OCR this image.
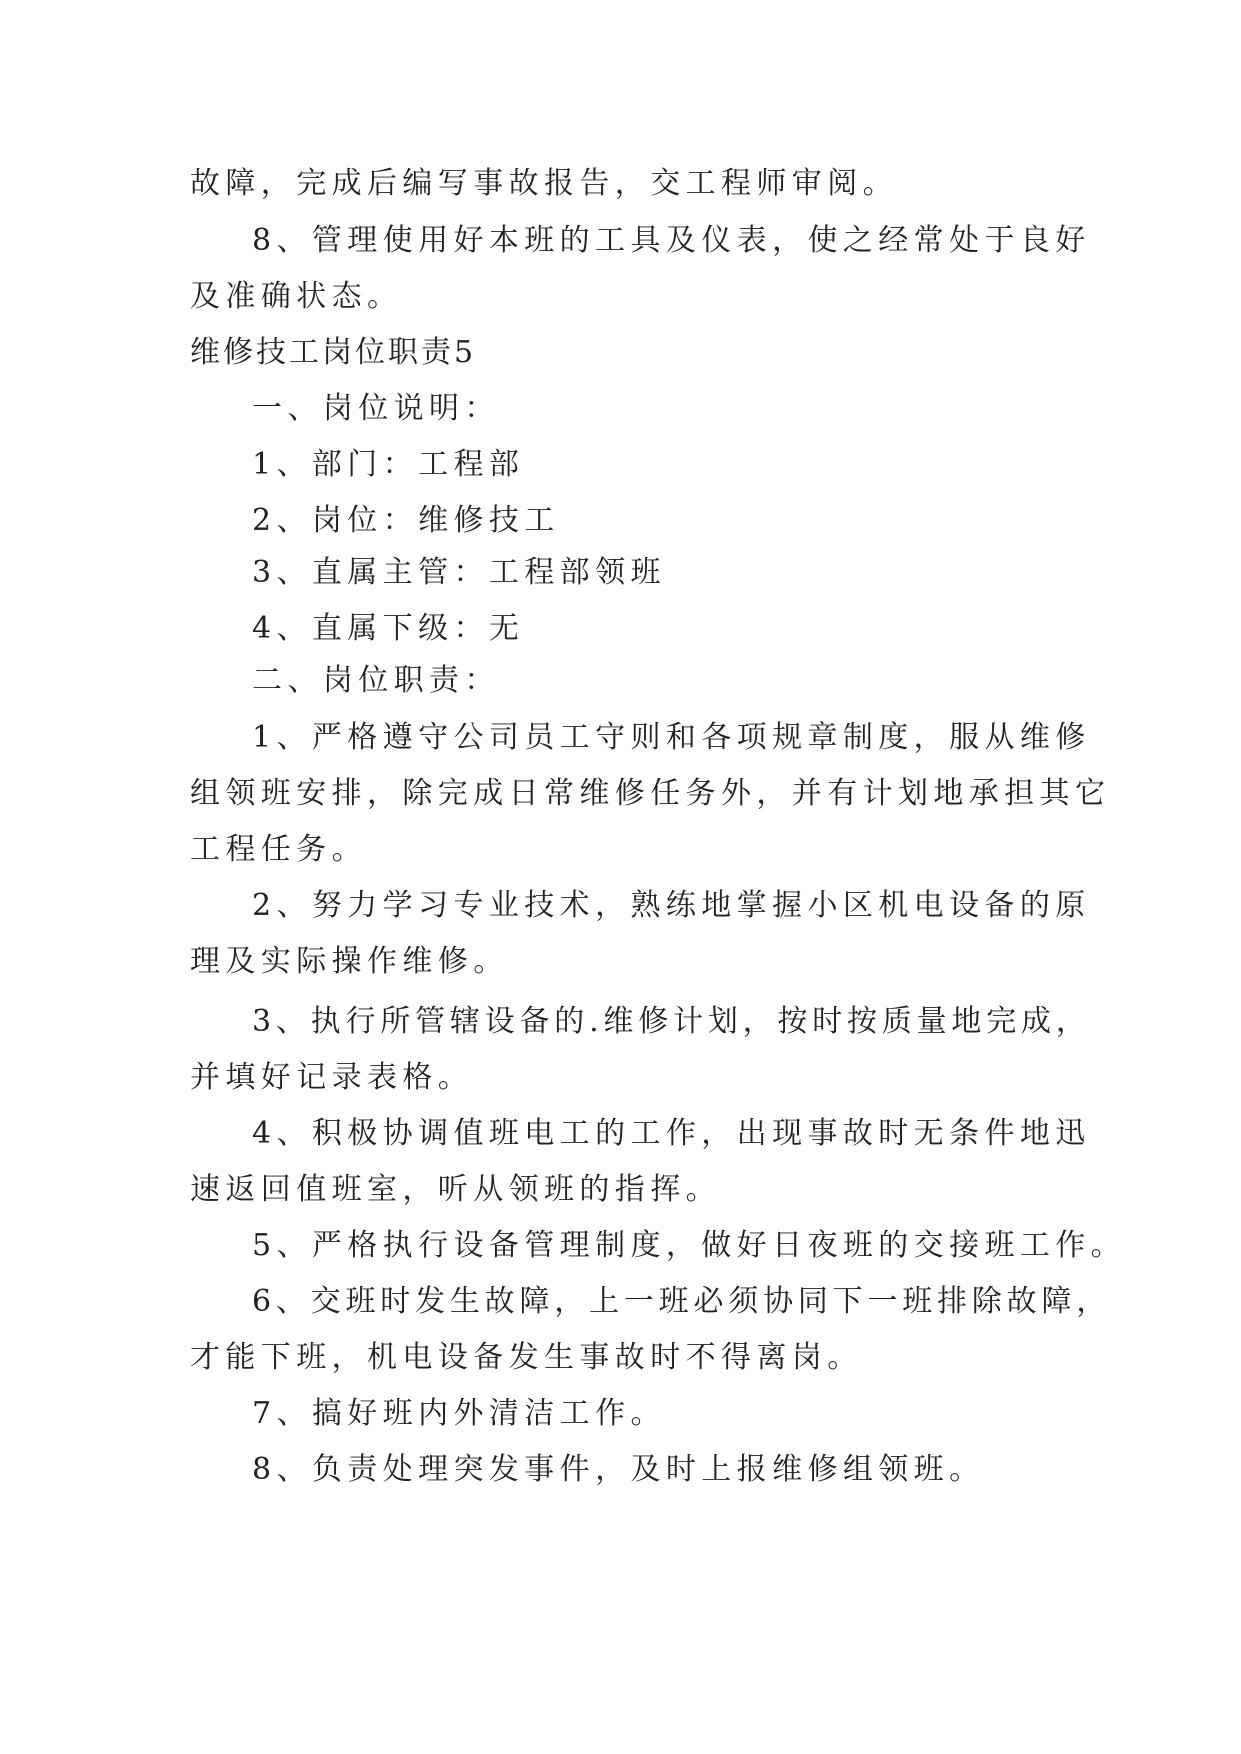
故障，完成后编写事故报告，交工程师审阅。

8、管理使用好本班的工具及仪表，使之经常处于良好

及准确状态。

维修技工岗位职责5

一、岗位说明：

1、部门：工程部

2、岗位：维修技工

3、直属主管：工程部领班

4、直属下级：无

二、岗位职责：

1、严格遵守公司员工守则和各项规章制度，服从维修

组领班安排，除完成日常维修任务外，并有计划地承担其它

工程任务。

2、努力学习专业技术，熟练地掌握小区机电设备的原

理及实际操作维修。

3、执行所管辖设备的.维修计划，按时按质量地完成，

并填好记录表格。

4、积极协调值班电工的工作，出现事故时无条件地迅

速返回值班室，听从领班的指挥。

5、严格执行设备管理制度，做好日夜班的交接班工作。

6、交班时发生故障，上一班必须协同下一班排除故障，

才能下班，机电设备发生事故时不得离岗。

7、搞好班内外清洁工作。

8、负责处理突发事件，及时上报维修组领班。
